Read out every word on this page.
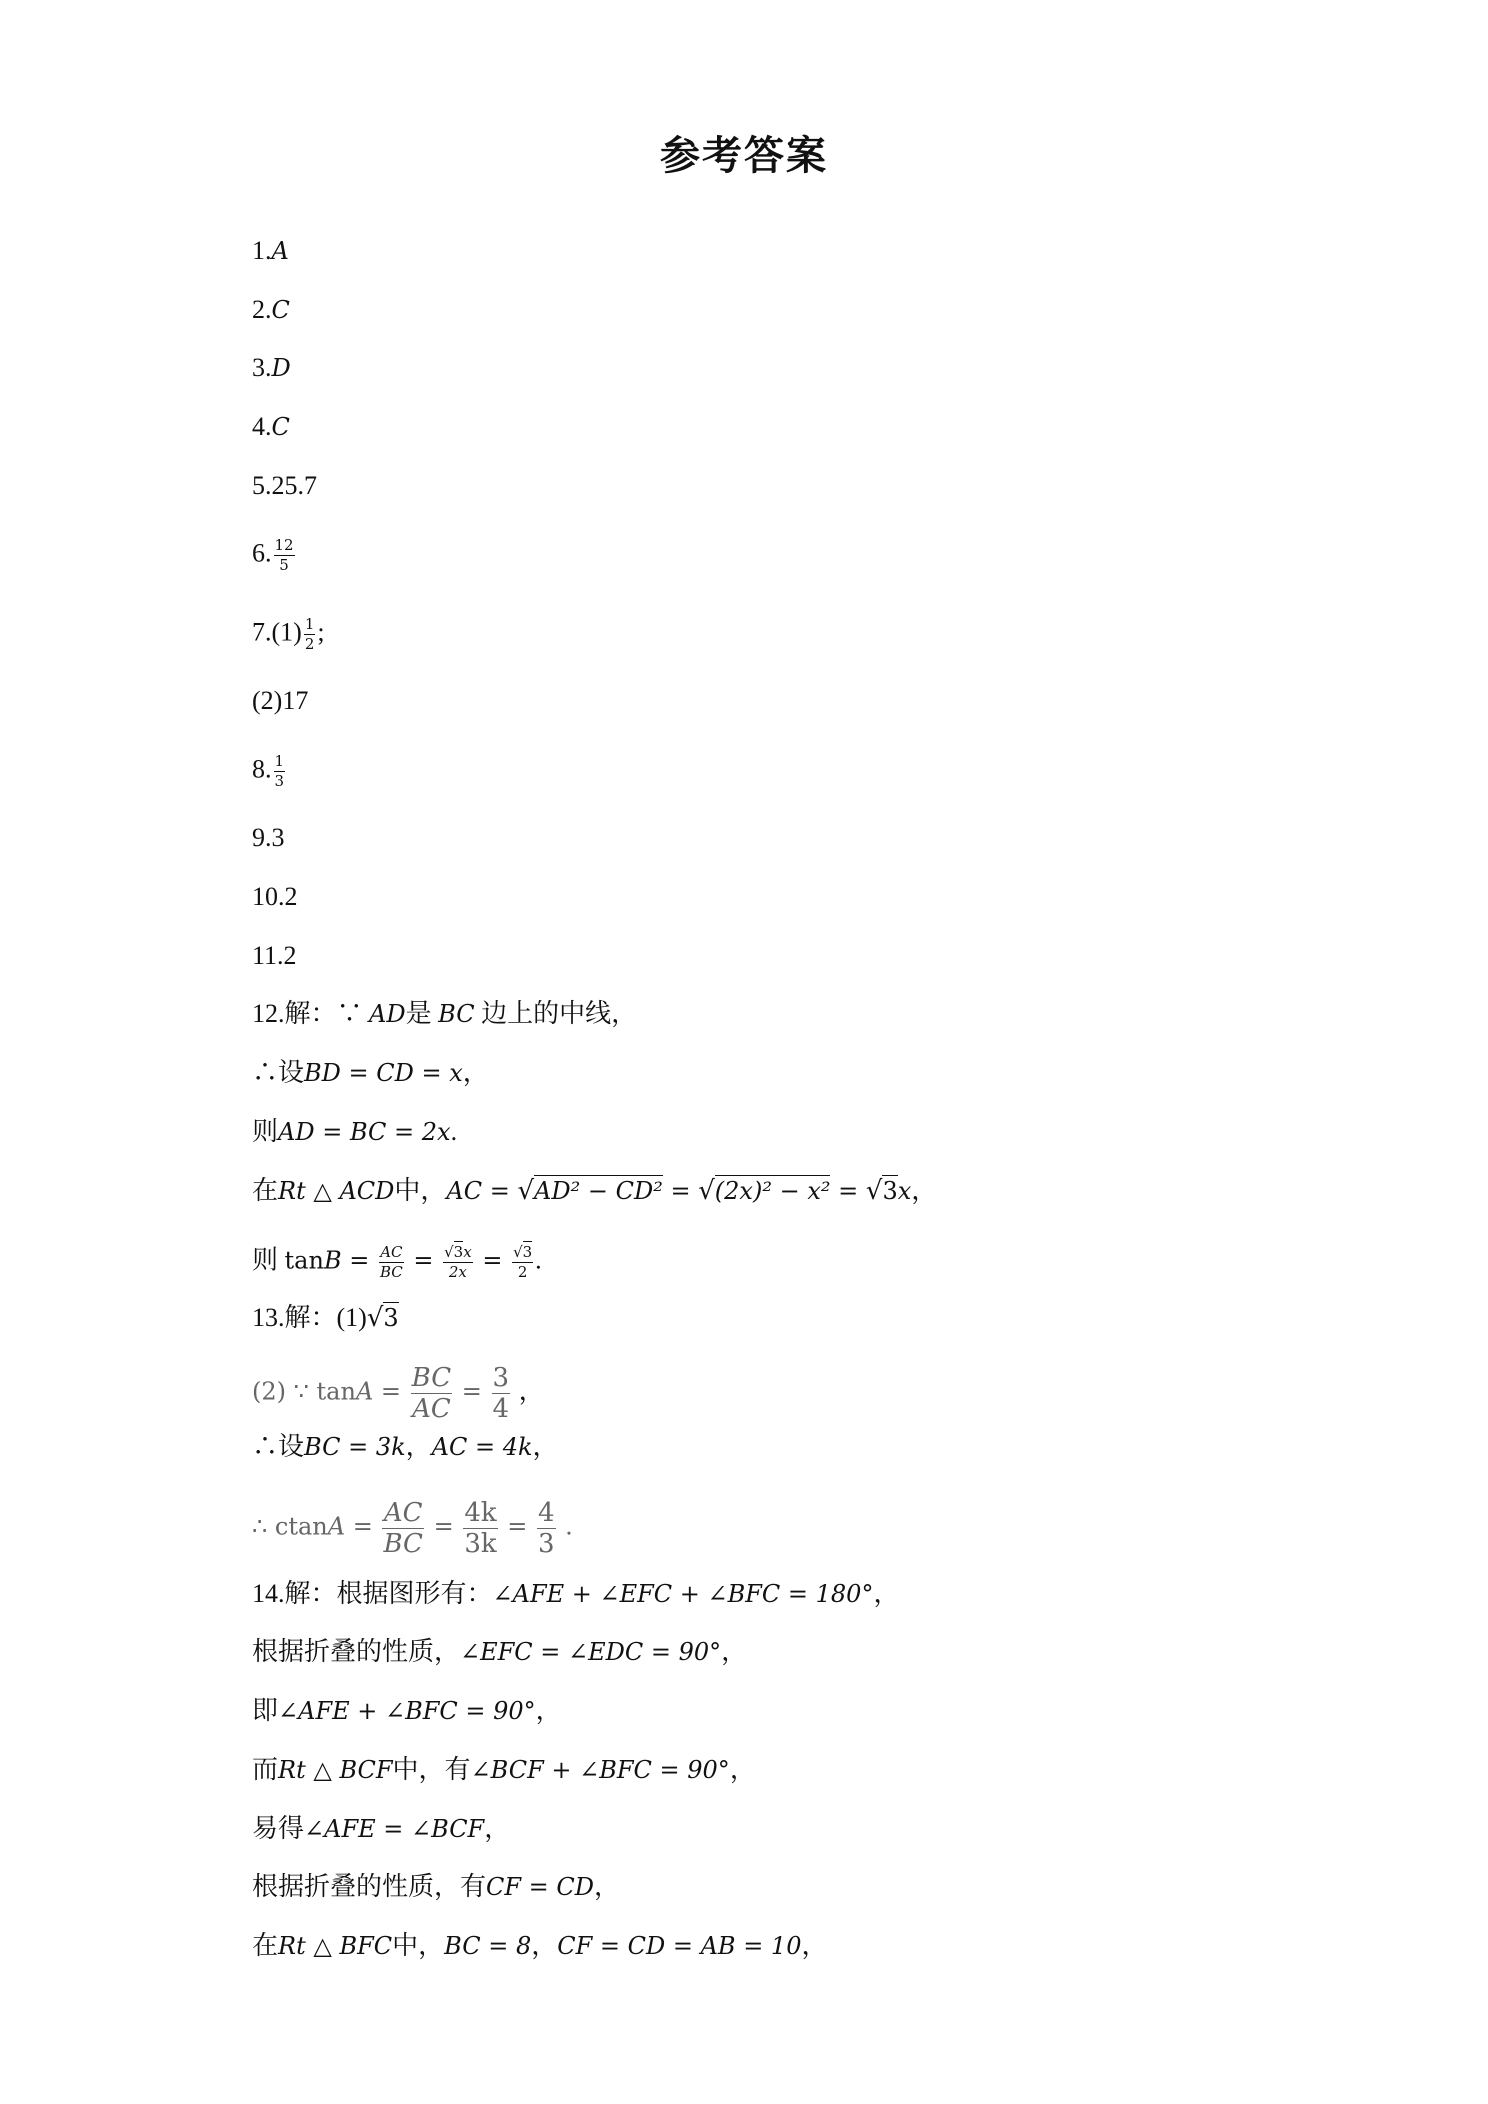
参考答案
1.A
2.C
3.D
4.C
5.25.7
6. $\frac{12}{5}$
$7.(1) \frac{1}{2}$ ;
(2)17
8. $\frac{1}{3}$
9.3
10.2
11.2
12.解：∵ AD是 BC 边上的中线，
∴设BD = CD = x，
则AD = BC = 2x.
在Rt △ ACD中，AC = √AD² − CD² = √(2x)² − x² = √3x，
则 $\tan B = \frac{AC}{BC} = \frac{√3x}{2x} = \frac{√3}{2}$ .
13.解：(1)√3
(2) ∵ $\tan A = \frac{BC}{AC} = \frac{3}{4}$ ，
∴设BC = 3k，AC = 4k，
∴ $ctanA = \frac{AC}{BC} = \frac{4k}{3k} = \frac{4}{3}$ .
14.解：根据图形有：∠AFE + ∠EFC + ∠BFC = 180°，
根据折叠的性质，∠EFC = ∠EDC = 90°，
即∠AFE + ∠BFC = 90°，
而Rt △ BCF中，有∠BCF + ∠BFC = 90°，
易得∠AFE = ∠BCF，
根据折叠的性质，有CF = CD，
在Rt △ BFC中，BC = 8，CF = CD = AB = 10，
